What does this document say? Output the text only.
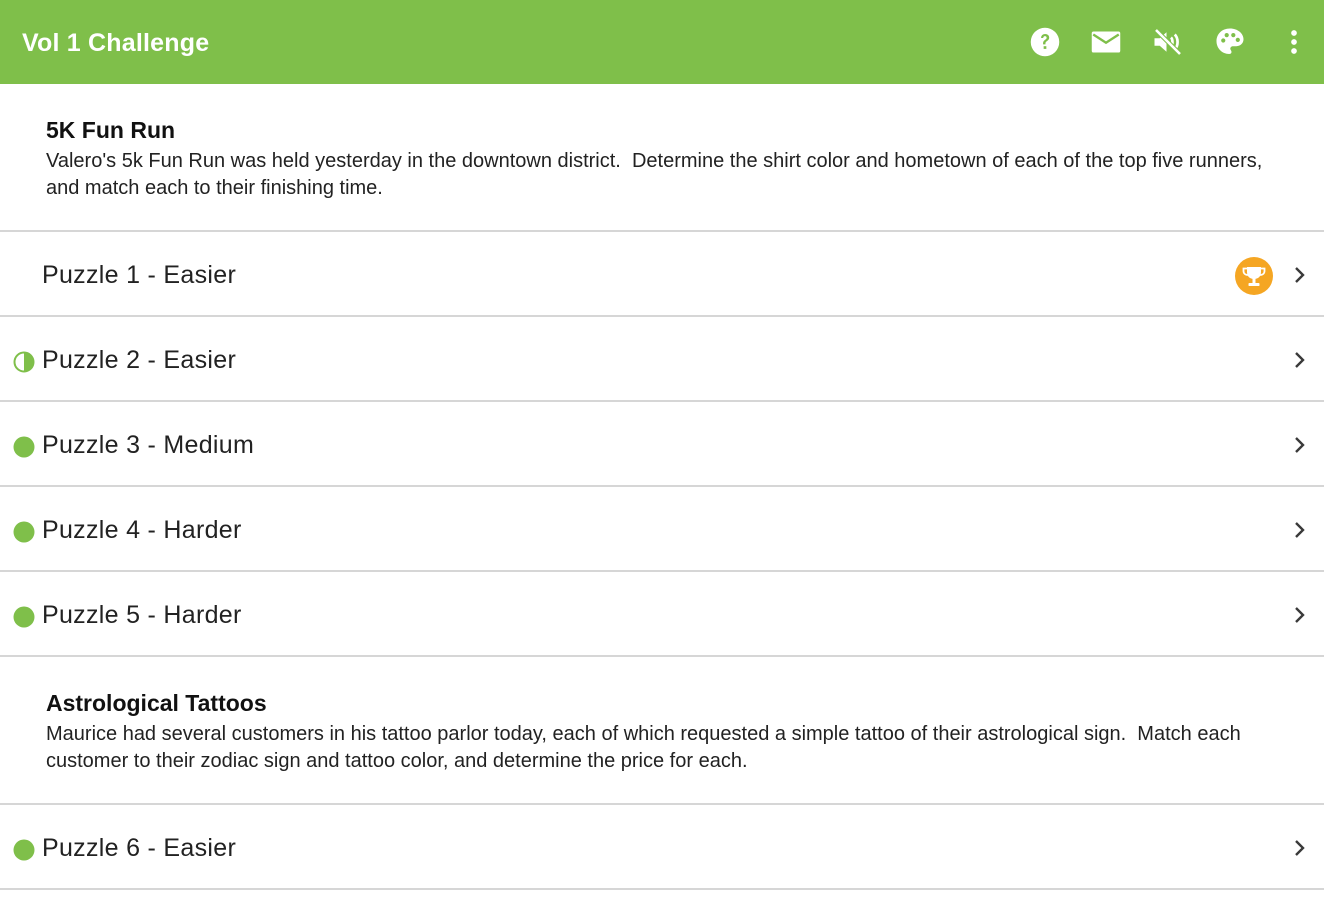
Vol 1 Challenge
5K Fun Run
Valero's 5k Fun Run was held yesterday in the downtown district.  Determine the shirt color and hometown of each of the top five runners, and match each to their finishing time.
Puzzle 1 - Easier
Puzzle 2 - Easier
Puzzle 3 - Medium
Puzzle 4 - Harder
Puzzle 5 - Harder
Astrological Tattoos
Maurice had several customers in his tattoo parlor today, each of which requested a simple tattoo of their astrological sign.  Match each customer to their zodiac sign and tattoo color, and determine the price for each.
Puzzle 6 - Easier
